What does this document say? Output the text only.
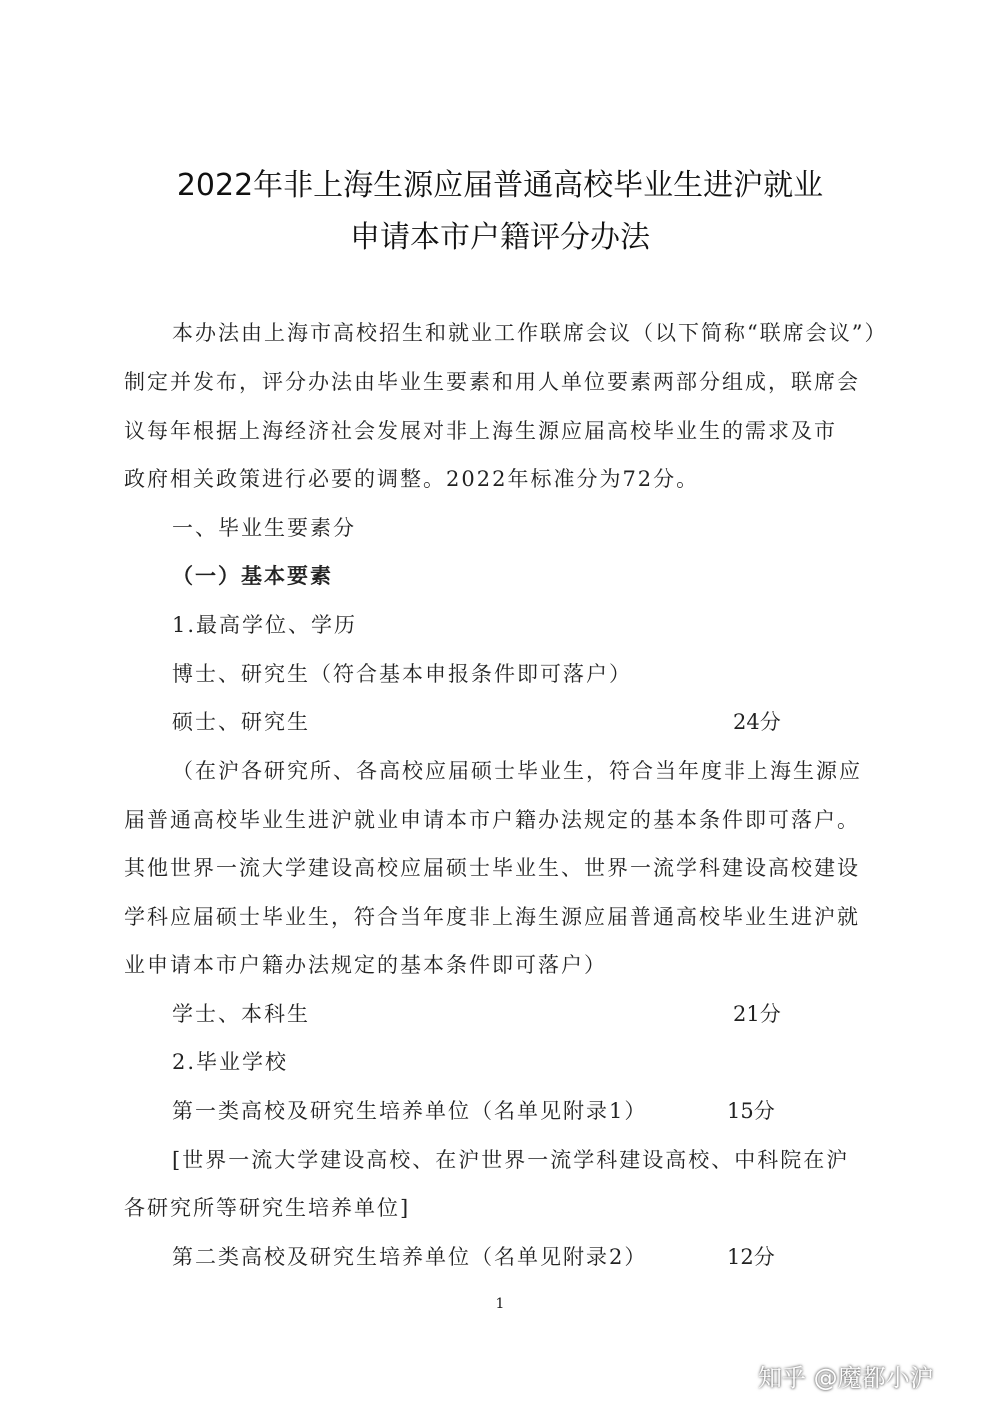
2022年非上海生源应届普通高校毕业生进沪就业
申请本市户籍评分办法
本办法由上海市高校招生和就业工作联席会议（以下简称“联席会议”）
制定并发布，评分办法由毕业生要素和用人单位要素两部分组成，联席会
议每年根据上海经济社会发展对非上海生源应届高校毕业生的需求及市
政府相关政策进行必要的调整。2022年标准分为72分。
一、毕业生要素分
（一）基本要素
1.最高学位、学历
博士、研究生（符合基本申报条件即可落户）
硕士、研究生	24分
（在沪各研究所、各高校应届硕士毕业生，符合当年度非上海生源应
届普通高校毕业生进沪就业申请本市户籍办法规定的基本条件即可落户。
其他世界一流大学建设高校应届硕士毕业生、世界一流学科建设高校建设
学科应届硕士毕业生，符合当年度非上海生源应届普通高校毕业生进沪就
业申请本市户籍办法规定的基本条件即可落户）
学士、本科生	21分
2.毕业学校
第一类高校及研究生培养单位（名单见附录1）	15分
[世界一流大学建设高校、在沪世界一流学科建设高校、中科院在沪
各研究所等研究生培养单位]
第二类高校及研究生培养单位（名单见附录2）	12分
1
知乎 @魔都小沪
